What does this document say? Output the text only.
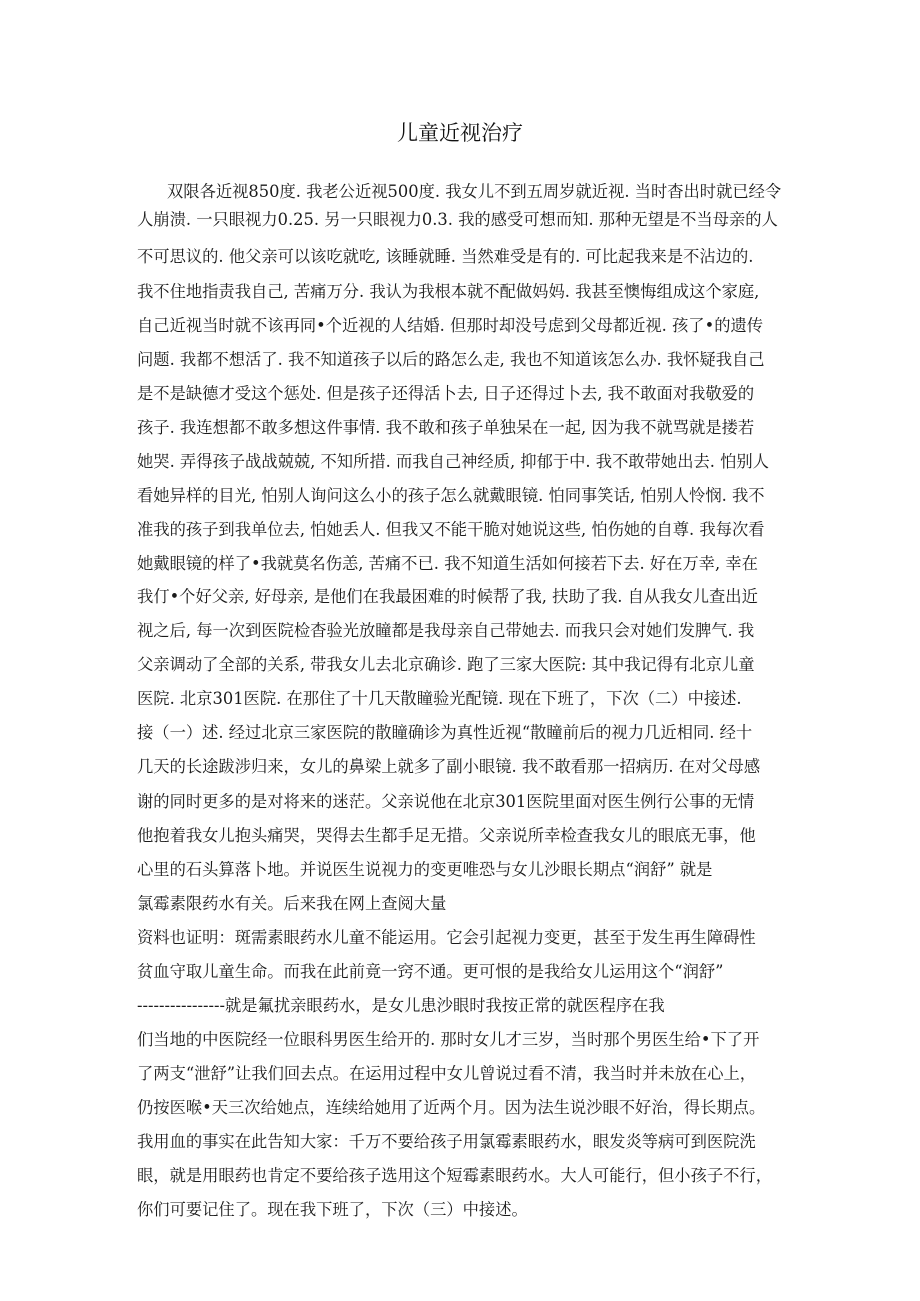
儿童近视治疗
双限各近视850度. 我老公近视500度. 我女儿不到五周岁就近视. 当时杳出时就已经令
人崩溃. 一只眼视力0.25. 另一只眼视力0.3. 我的感受可想而知. 那种无望是不当母亲的人
不可思议的. 他父亲可以该吃就吃, 该睡就睡. 当然难受是有的. 可比起我来是不沾边的.
我不住地指责我自己, 苦痛万分. 我认为我根本就不配做妈妈. 我甚至懊悔组成这个家庭,
自己近视当时就不该再同•个近视的人结婚. 但那时却没号虑到父母都近视. 孩了•的遗传
问题. 我都不想活了. 我不知道孩子以后的路怎么走, 我也不知道该怎么办. 我怀疑我自己
是不是缺德才受这个惩处. 但是孩子还得活卜去, 日子还得过卜去, 我不敢面对我敬爱的
孩子. 我连想都不敢多想这件事情. 我不敢和孩子单独呆在一起, 因为我不就骂就是搂若
她哭. 弄得孩子战战兢兢, 不知所措. 而我自己神经质, 抑郁于中. 我不敢带她出去. 怕别人
看她异样的目光, 怕别人询问这么小的孩子怎么就戴眼镜. 怕同事笑话, 怕别人怜悯. 我不
准我的孩子到我单位去, 怕她丢人. 但我又不能干脆对她说这些, 怕伤她的自尊. 我每次看
她戴眼镜的样了•我就莫名伤恙, 苦痛不已. 我不知道生活如何接若下去. 好在万幸, 幸在
我仃•个好父亲, 好母亲, 是他们在我最困难的时候帮了我, 扶助了我. 自从我女儿查出近
视之后, 每一次到医院检杳验光放瞳都是我母亲自己带她去. 而我只会对她们发脾气. 我
父亲调动了全部的关系, 带我女儿去北京确诊. 跑了三家大医院: 其中我记得有北京儿童
医院. 北京301医院. 在那住了十几天散瞳验光配镜. 现在下班了，下次（二）中接述.
接（一）述. 经过北京三家医院的散瞳确诊为真性近视“散瞳前后的视力几近相同. 经十
几天的长途跋涉归来，女儿的鼻梁上就多了副小眼镜. 我不敢看那一招病历. 在对父母感
谢的同时更多的是对将来的迷茫。父亲说他在北京301医院里面对医生例行公事的无情
他抱着我女儿抱头痛哭，哭得去生都手足无措。父亲说所幸检查我女儿的眼底无事，他
心里的石头算落卜地。并说医生说视力的变更唯恐与女儿沙眼长期点“润舒” 就是
氯霉素限药水有关。后来我在网上查阅大量
资料也证明：斑需素眼药水儿童不能运用。它会引起视力变更，甚至于发生再生障碍性
贫血守取儿童生命。而我在此前竟一窍不通。更可恨的是我给女儿运用这个“润舒”
----------------就是氟扰亲眼药水，是女儿患沙眼时我按正常的就医程序在我
们当地的中医院经一位眼科男医生给开的. 那时女儿才三岁，当时那个男医生给•下了开
了两支“泄舒”让我们回去点。在运用过程中女儿曾说过看不清，我当时并未放在心上，
仍按医喉•天三次给她点，连续给她用了近两个月。因为法生说沙眼不好治，得长期点。
我用血的事实在此告知大家：千万不要给孩子用氯霉素眼药水，眼发炎等病可到医院洗
眼，就是用眼药也肯定不要给孩子选用这个短霉素眼药水。大人可能行，但小孩子不行，
你们可要记住了。现在我下班了，下次（三）中接述。
